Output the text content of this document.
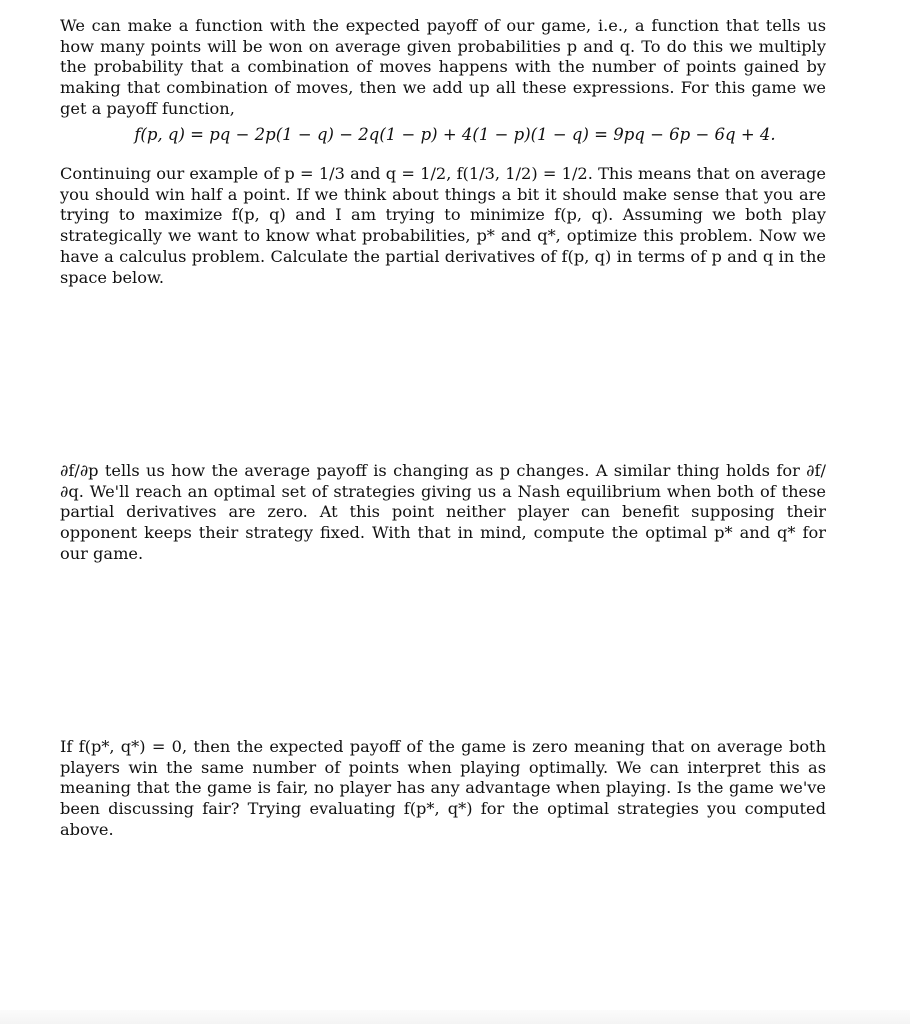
We can make a function with the expected payoff of our game, i.e., a function that tells us how many points will be won on average given probabilities p and q. To do this we multiply the probability that a combination of moves happens with the number of points gained by making that combination of moves, then we add up all these expressions. For this game we get a payoff function,

f(p, q) = pq − 2p(1 − q) − 2q(1 − p) + 4(1 − p)(1 − q) = 9pq − 6p − 6q + 4.

Continuing our example of p = 1/3 and q = 1/2, f(1/3, 1/2) = 1/2. This means that on average you should win half a point. If we think about things a bit it should make sense that you are trying to maximize f(p, q) and I am trying to minimize f(p, q). Assuming we both play strategically we want to know what probabilities, p* and q*, optimize this problem. Now we have a calculus problem. Calculate the partial derivatives of f(p, q) in terms of p and q in the space below.

∂f/∂p tells us how the average payoff is changing as p changes. A similar thing holds for ∂f/∂q. We'll reach an optimal set of strategies giving us a Nash equilibrium when both of these partial derivatives are zero. At this point neither player can benefit supposing their opponent keeps their strategy fixed. With that in mind, compute the optimal p* and q* for our game.

If f(p*, q*) = 0, then the expected payoff of the game is zero meaning that on average both players win the same number of points when playing optimally. We can interpret this as meaning that the game is fair, no player has any advantage when playing. Is the game we've been discussing fair? Trying evaluating f(p*, q*) for the optimal strategies you computed above.
